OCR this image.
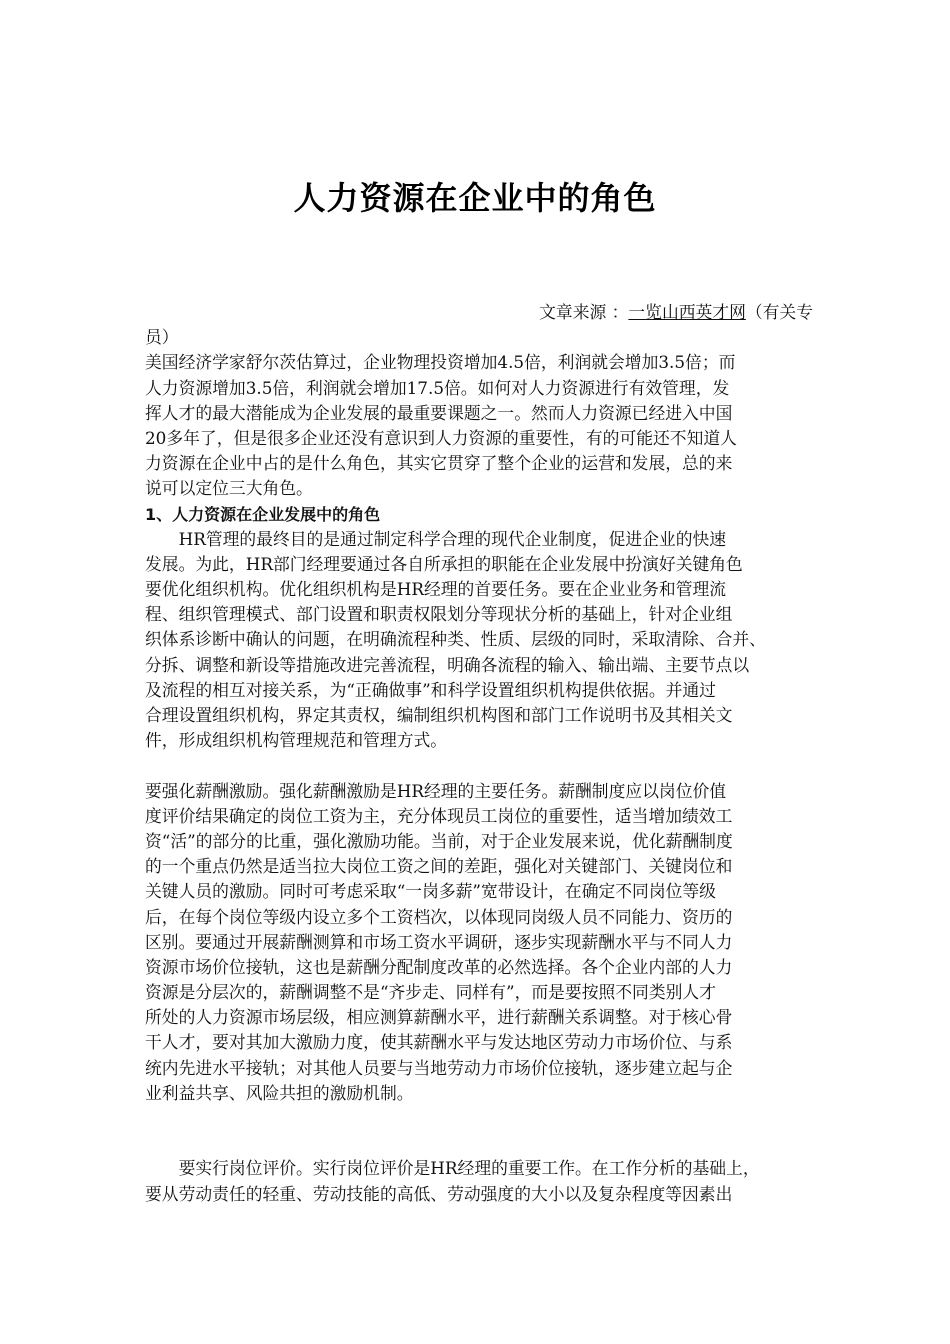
人力资源在企业中的角色
文章来源 ：一览山西英才网（有关专
员）
美国经济学家舒尔茨估算过，企业物理投资增加4.5倍，利润就会增加3.5倍；而
人力资源增加3.5倍，利润就会增加17.5倍。如何对人力资源进行有效管理，发
挥人才的最大潜能成为企业发展的最重要课题之一。然而人力资源已经进入中国
20多年了，但是很多企业还没有意识到人力资源的重要性，有的可能还不知道人
力资源在企业中占的是什么角色，其实它贯穿了整个企业的运营和发展，总的来
说可以定位三大角色。
1、人力资源在企业发展中的角色
　　HR管理的最终目的是通过制定科学合理的现代企业制度，促进企业的快速
发展。为此，HR部门经理要通过各自所承担的职能在企业发展中扮演好关键角色
要优化组织机构。优化组织机构是HR经理的首要任务。要在企业业务和管理流
程、组织管理模式、部门设置和职责权限划分等现状分析的基础上，针对企业组
织体系诊断中确认的问题，在明确流程种类、性质、层级的同时，采取清除、合并、
分拆、调整和新设等措施改进完善流程，明确各流程的输入、输出端、主要节点以
及流程的相互对接关系，为“正确做事”和科学设置组织机构提供依据。并通过
合理设置组织机构，界定其责权，编制组织机构图和部门工作说明书及其相关文
件，形成组织机构管理规范和管理方式。
要强化薪酬激励。强化薪酬激励是HR经理的主要任务。薪酬制度应以岗位价值
度评价结果确定的岗位工资为主，充分体现员工岗位的重要性，适当增加绩效工
资“活”的部分的比重，强化激励功能。当前，对于企业发展来说，优化薪酬制度
的一个重点仍然是适当拉大岗位工资之间的差距，强化对关键部门、关键岗位和
关键人员的激励。同时可考虑采取“一岗多薪”宽带设计，在确定不同岗位等级
后，在每个岗位等级内设立多个工资档次，以体现同岗级人员不同能力、资历的
区别。要通过开展薪酬测算和市场工资水平调研，逐步实现薪酬水平与不同人力
资源市场价位接轨，这也是薪酬分配制度改革的必然选择。各个企业内部的人力
资源是分层次的，薪酬调整不是“齐步走、同样有”，而是要按照不同类别人才
所处的人力资源市场层级，相应测算薪酬水平，进行薪酬关系调整。对于核心骨
干人才，要对其加大激励力度，使其薪酬水平与发达地区劳动力市场价位、与系
统内先进水平接轨；对其他人员要与当地劳动力市场价位接轨，逐步建立起与企
业利益共享、风险共担的激励机制。
　　要实行岗位评价。实行岗位评价是HR经理的重要工作。在工作分析的基础上，
要从劳动责任的轻重、劳动技能的高低、劳动强度的大小以及复杂程度等因素出
